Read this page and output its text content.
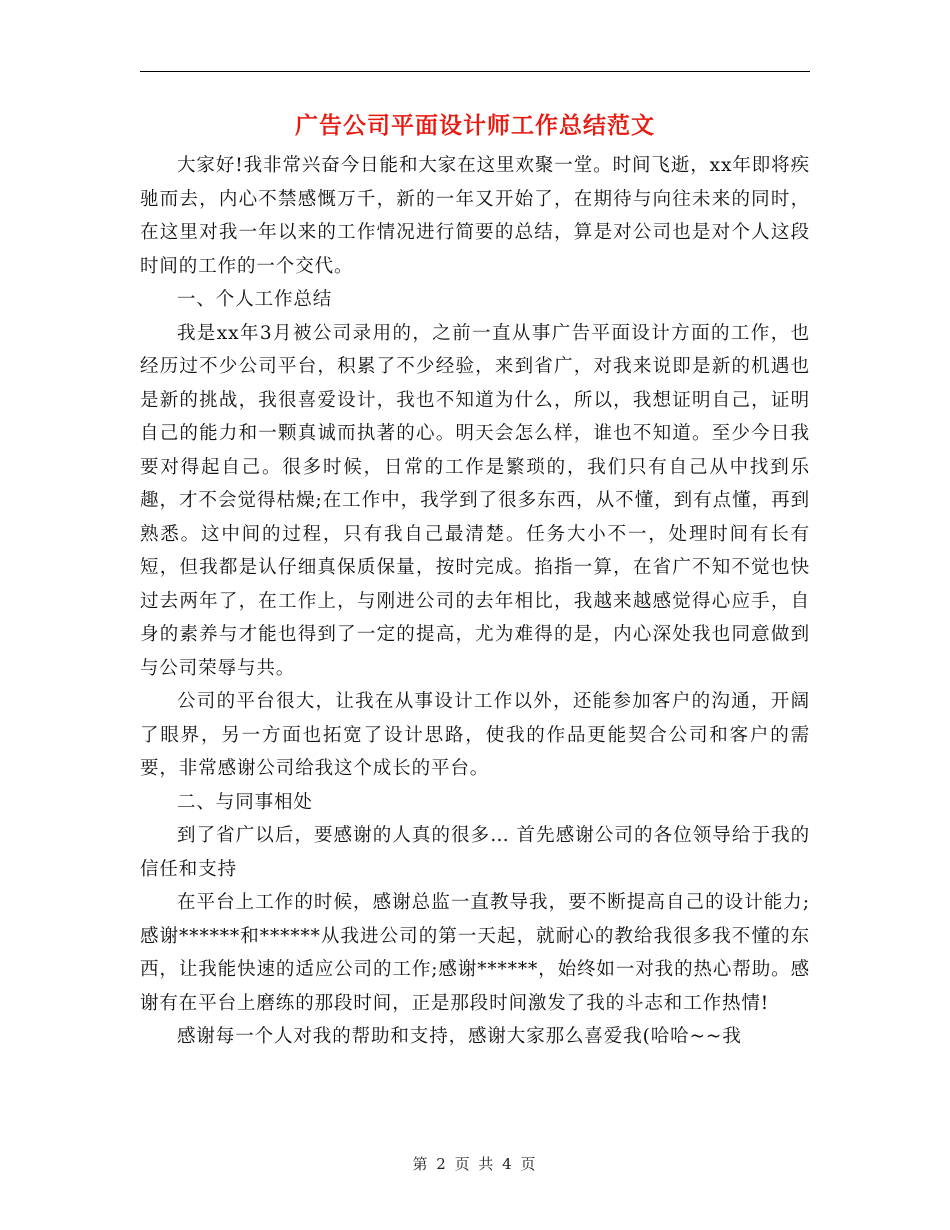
广告公司平面设计师工作总结范文

大家好!我非常兴奋今日能和大家在这里欢聚一堂。时间飞逝，xx年即将疾驰而去，内心不禁感慨万千，新的一年又开始了，在期待与向往未来的同时，在这里对我一年以来的工作情况进行简要的总结，算是对公司也是对个人这段时间的工作的一个交代。

一、个人工作总结

我是xx年3月被公司录用的，之前一直从事广告平面设计方面的工作，也经历过不少公司平台，积累了不少经验，来到省广，对我来说即是新的机遇也是新的挑战，我很喜爱设计，我也不知道为什么，所以，我想证明自己，证明自己的能力和一颗真诚而执著的心。明天会怎么样，谁也不知道。至少今日我要对得起自己。很多时候，日常的工作是繁琐的，我们只有自己从中找到乐趣，才不会觉得枯燥;在工作中，我学到了很多东西，从不懂，到有点懂，再到熟悉。这中间的过程，只有我自己最清楚。任务大小不一，处理时间有长有短，但我都是认仔细真保质保量，按时完成。掐指一算，在省广不知不觉也快过去两年了，在工作上，与刚进公司的去年相比，我越来越感觉得心应手，自身的素养与才能也得到了一定的提高，尤为难得的是，内心深处我也同意做到与公司荣辱与共。

公司的平台很大，让我在从事设计工作以外，还能参加客户的沟通，开阔了眼界，另一方面也拓宽了设计思路，使我的作品更能契合公司和客户的需要，非常感谢公司给我这个成长的平台。

二、与同事相处

到了省广以后，要感谢的人真的很多… 首先感谢公司的各位领导给于我的信任和支持

在平台上工作的时候，感谢总监一直教导我，要不断提高自己的设计能力;感谢******和******从我进公司的第一天起，就耐心的教给我很多我不懂的东西，让我能快速的适应公司的工作;感谢******，始终如一对我的热心帮助。感谢有在平台上磨练的那段时间，正是那段时间激发了我的斗志和工作热情!

感谢每一个人对我的帮助和支持，感谢大家那么喜爱我(哈哈~~我

第 2 页 共 4 页
